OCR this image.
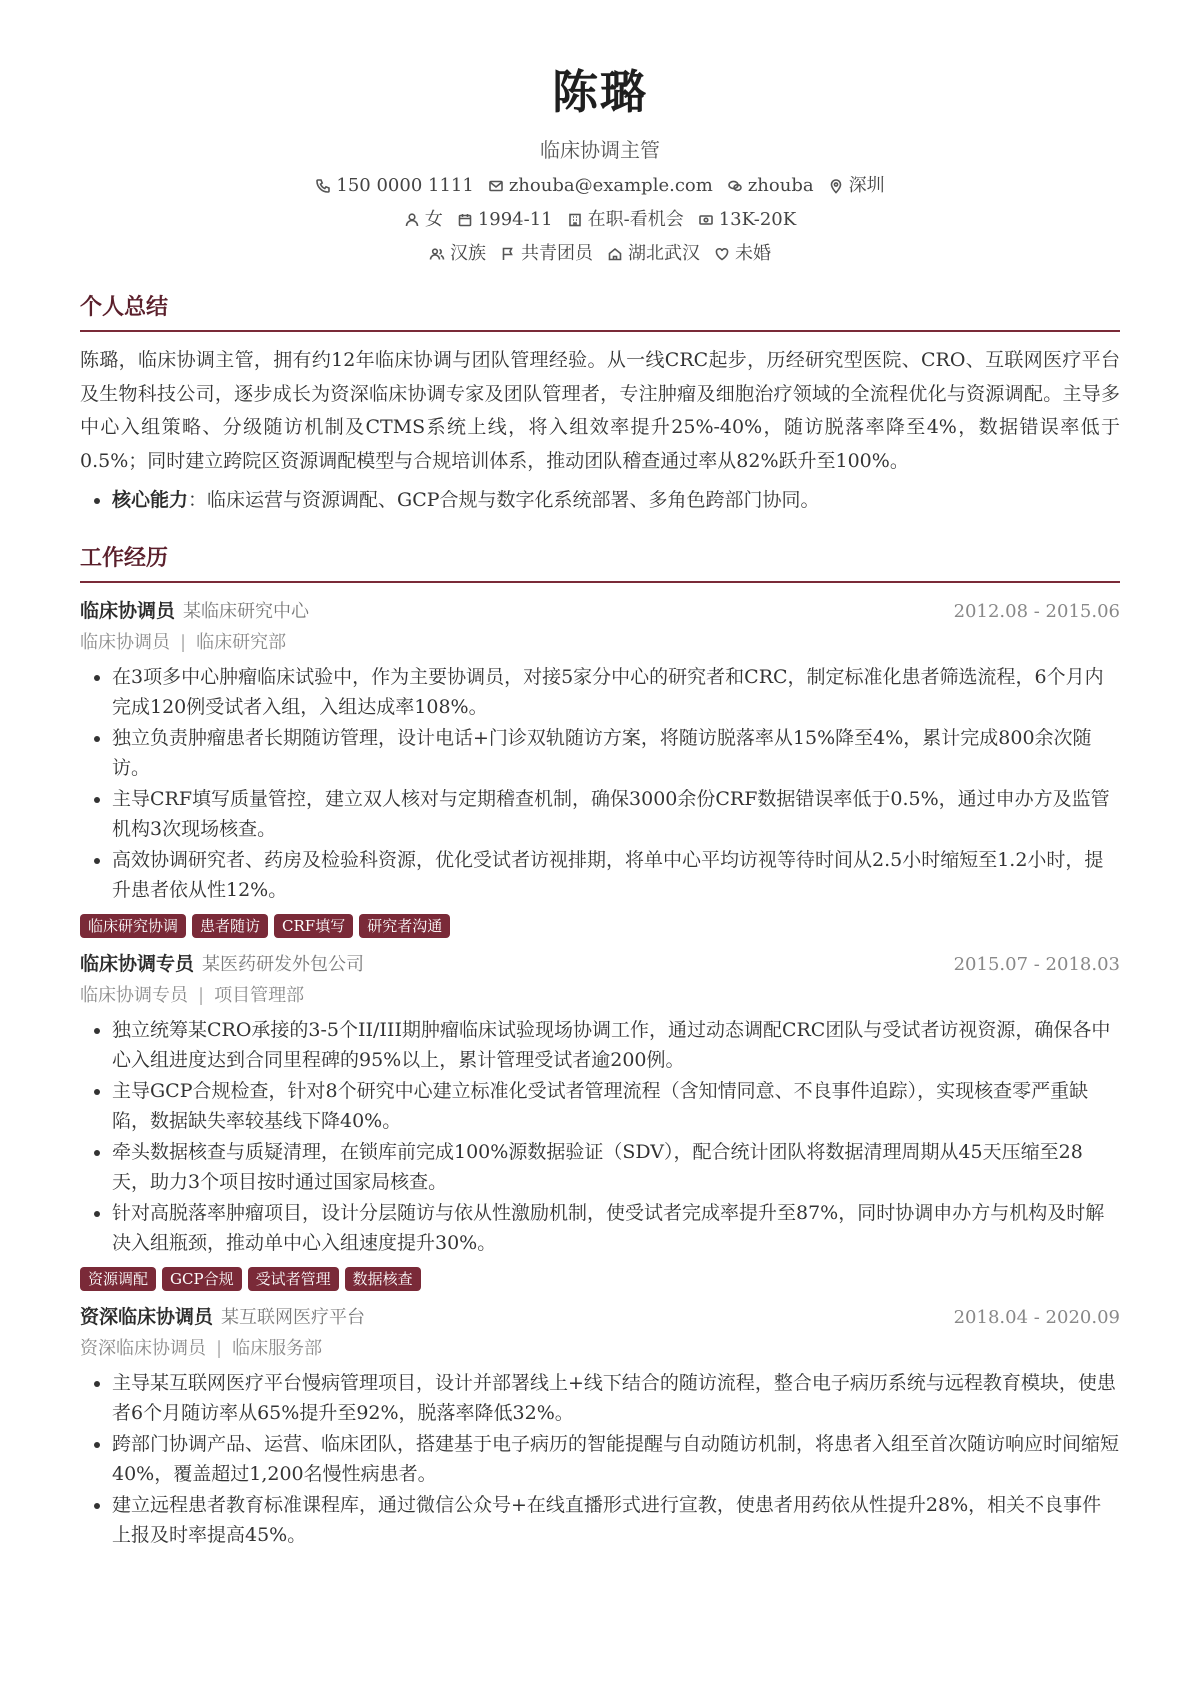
陈璐
临床协调主管
150 0000 1111 zhouba@example.com zhouba 深圳
女 1994-11 在职-看机会 13K-20K
汉族 共青团员 湖北武汉 未婚
个人总结
陈璐，临床协调主管，拥有约12年临床协调与团队管理经验。从一线CRC起步，历经研究型医院、CRO、互联网医疗平台及生物科技公司，逐步成长为资深临床协调专家及团队管理者，专注肿瘤及细胞治疗领域的全流程优化与资源调配。主导多中心入组策略、分级随访机制及CTMS系统上线，将入组效率提升25%-40%，随访脱落率降至4%，数据错误率低于0.5%；同时建立跨院区资源调配模型与合规培训体系，推动团队稽查通过率从82%跃升至100%。
• 核心能力：临床运营与资源调配、GCP合规与数字化系统部署、多角色跨部门协同。
工作经历
临床协调员 某临床研究中心	2012.08 - 2015.06
临床协调员 | 临床研究部
• 在3项多中心肿瘤临床试验中，作为主要协调员，对接5家分中心的研究者和CRC，制定标准化患者筛选流程，6个月内完成120例受试者入组，入组达成率108%。
• 独立负责肿瘤患者长期随访管理，设计电话+门诊双轨随访方案，将随访脱落率从15%降至4%，累计完成800余次随访。
• 主导CRF填写质量管控，建立双人核对与定期稽查机制，确保3000余份CRF数据错误率低于0.5%，通过申办方及监管机构3次现场核查。
• 高效协调研究者、药房及检验科资源，优化受试者访视排期，将单中心平均访视等待时间从2.5小时缩短至1.2小时，提升患者依从性12%。
临床研究协调	患者随访	CRF填写	研究者沟通
临床协调专员 某医药研发外包公司	2015.07 - 2018.03
临床协调专员 | 项目管理部
• 独立统筹某CRO承接的3-5个II/III期肿瘤临床试验现场协调工作，通过动态调配CRC团队与受试者访视资源，确保各中心入组进度达到合同里程碑的95%以上，累计管理受试者逾200例。
• 主导GCP合规检查，针对8个研究中心建立标准化受试者管理流程（含知情同意、不良事件追踪），实现核查零严重缺陷，数据缺失率较基线下降40%。
• 牵头数据核查与质疑清理，在锁库前完成100%源数据验证（SDV），配合统计团队将数据清理周期从45天压缩至28天，助力3个项目按时通过国家局核查。
• 针对高脱落率肿瘤项目，设计分层随访与依从性激励机制，使受试者完成率提升至87%，同时协调申办方与机构及时解决入组瓶颈，推动单中心入组速度提升30%。
资源调配	GCP合规	受试者管理	数据核查
资深临床协调员 某互联网医疗平台	2018.04 - 2020.09
资深临床协调员 | 临床服务部
• 主导某互联网医疗平台慢病管理项目，设计并部署线上+线下结合的随访流程，整合电子病历系统与远程教育模块，使患者6个月随访率从65%提升至92%，脱落率降低32%。
• 跨部门协调产品、运营、临床团队，搭建基于电子病历的智能提醒与自动随访机制，将患者入组至首次随访响应时间缩短40%，覆盖超过1,200名慢性病患者。
• 建立远程患者教育标准课程库，通过微信公众号+在线直播形式进行宣教，使患者用药依从性提升28%，相关不良事件上报及时率提高45%。
